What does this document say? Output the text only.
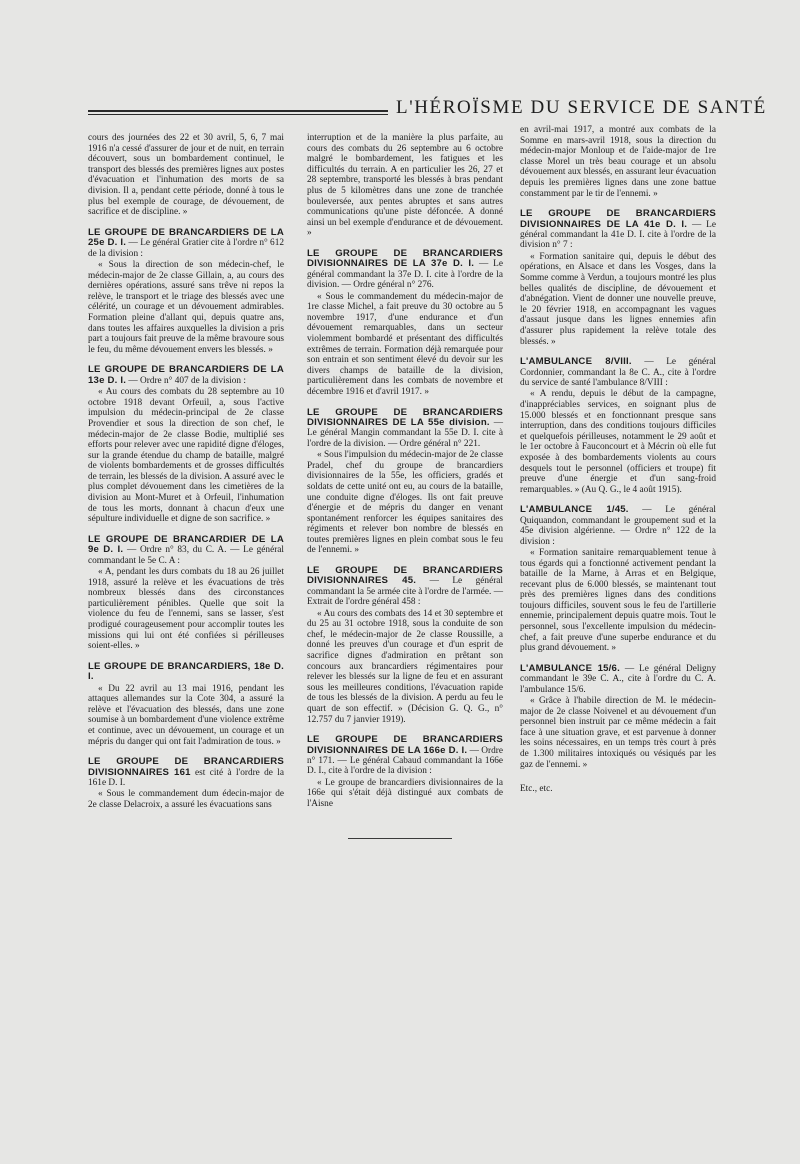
L'HÉROÏSME DU SERVICE DE SANTÉ

cours des journées des 22 et 30 avril, 5, 6, 7 mai 1916 n'a cessé d'assurer de jour et de nuit, en terrain découvert, sous un bombardement continuel, le transport des blessés des premières lignes aux postes d'évacuation et l'inhumation des morts de sa division. Il a, pendant cette période, donné à tous le plus bel exemple de courage, de dévouement, de sacrifice et de discipline. »

LE GROUPE DE BRANCARDIERS DE LA 25e D. I. — Le général Gratier cite à l'ordre n° 612 de la division :

« Sous la direction de son médecin-chef, le médecin-major de 2e classe Gillain, a, au cours des dernières opérations, assuré sans trêve ni repos la relève, le transport et le triage des blessés avec une célérité, un courage et un dévouement admirables. Formation pleine d'allant qui, depuis quatre ans, dans toutes les affaires auxquelles la division a pris part a toujours fait preuve de la même bravoure sous le feu, du même dévouement envers les blessés. »

LE GROUPE DE BRANCARDIERS DE LA 13e D. I. — Ordre n° 407 de la division :

« Au cours des combats du 28 septembre au 10 octobre 1918 devant Orfeuil, a, sous l'active impulsion du médecin-principal de 2e classe Provendier et sous la direction de son chef, le médecin-major de 2e classe Bodie, multiplié ses efforts pour relever avec une rapidité digne d'éloges, sur la grande étendue du champ de bataille, malgré de violents bombardements et de grosses difficultés de terrain, les blessés de la division. A assuré avec le plus complet dévouement dans les cimetières de la division au Mont-Muret et à Orfeuil, l'inhumation de tous les morts, donnant à chacun d'eux une sépulture individuelle et digne de son sacrifice. »

LE GROUPE DE BRANCARDIER DE LA 9e D. I. — Ordre n° 83, du C. A. — Le général commandant le 5e C. A :

« A, pendant les durs combats du 18 au 26 juillet 1918, assuré la relève et les évacuations de très nombreux blessés dans des circonstances particulièrement pénibles. Quelle que soit la violence du feu de l'ennemi, sans se lasser, s'est prodigué courageusement pour accomplir toutes les missions qui lui ont été confiées si périlleuses soient-elles. »

LE GROUPE DE BRANCARDIERS, 18e D. I.

« Du 22 avril au 13 mai 1916, pendant les attaques allemandes sur la Cote 304, a assuré la relève et l'évacuation des blessés, dans une zone soumise à un bombardement d'une violence extrême et continue, avec un dévouement, un courage et un mépris du danger qui ont fait l'admiration de tous. »

LE GROUPE DE BRANCARDIERS DIVISIONNAIRES 161 est cité à l'ordre de la 161e D. I.

« Sous le commandement dum édecin-major de 2e classe Delacroix, a assuré les évacuations sans

interruption et de la manière la plus parfaite, au cours des combats du 26 septembre au 6 octobre malgré le bombardement, les fatigues et les difficultés du terrain. A en particulier les 26, 27 et 28 septembre, transporté les blessés à bras pendant plus de 5 kilomètres dans une zone de tranchée bouleversée, aux pentes abruptes et sans autres communications qu'une piste défoncée. A donné ainsi un bel exemple d'endurance et de dévouement. »

LE GROUPE DE BRANCARDIERS DIVISIONNAIRES DE LA 37e D. I. — Le général commandant la 37e D. I. cite à l'ordre de la division. — Ordre général n° 276.

« Sous le commandement du médecin-major de 1re classe Michel, a fait preuve du 30 octobre au 5 novembre 1917, d'une endurance et d'un dévouement remarquables, dans un secteur violemment bombardé et présentant des difficultés extrêmes de terrain. Formation déjà remarquée pour son entrain et son sentiment élevé du devoir sur les divers champs de bataille de la division, particulièrement dans les combats de novembre et décembre 1916 et d'avril 1917. »

LE GROUPE DE BRANCARDIERS DIVISIONNAIRES DE LA 55e division. — Le général Mangin commandant la 55e D. I. cite à l'ordre de la division. — Ordre général n° 221.

« Sous l'impulsion du médecin-major de 2e classe Pradel, chef du groupe de brancardiers divisionnaires de la 55e, les officiers, gradés et soldats de cette unité ont eu, au cours de la bataille, une conduite digne d'éloges. Ils ont fait preuve d'énergie et de mépris du danger en venant spontanément renforcer les équipes sanitaires des régiments et relever bon nombre de blessés en toutes premières lignes en plein combat sous le feu de l'ennemi. »

LE GROUPE DE BRANCARDIERS DIVISIONNAIRES 45. — Le général commandant la 5e armée cite à l'ordre de l'armée. — Extrait de l'ordre général 458 :

« Au cours des combats des 14 et 30 septembre et du 25 au 31 octobre 1918, sous la conduite de son chef, le médecin-major de 2e classe Roussille, a donné les preuves d'un courage et d'un esprit de sacrifice dignes d'admiration en prêtant son concours aux brancardiers régimentaires pour relever les blessés sur la ligne de feu et en assurant sous les meilleures conditions, l'évacuation rapide de tous les blessés de la division. A perdu au feu le quart de son effectif. » (Décision G. Q. G., n° 12.757 du 7 janvier 1919).

LE GROUPE DE BRANCARDIERS DIVISIONNAIRES DE LA 166e D. I. — Ordre n° 171. — Le général Cabaud commandant la 166e D. I., cite à l'ordre de la division :

« Le groupe de brancardiers divisionnaires de la 166e qui s'était déjà distingué aux combats de l'Aisne

en avril-mai 1917, a montré aux combats de la Somme en mars-avril 1918, sous la direction du médecin-major Monloup et de l'aide-major de 1re classe Morel un très beau courage et un absolu dévouement aux blessés, en assurant leur évacuation depuis les premières lignes dans une zone battue constamment par le tir de l'ennemi. »

LE GROUPE DE BRANCARDIERS DIVISIONNAIRES DE LA 41e D. I. — Le général commandant la 41e D. I. cite à l'ordre de la division n° 7 :

« Formation sanitaire qui, depuis le début des opérations, en Alsace et dans les Vosges, dans la Somme comme à Verdun, a toujours montré les plus belles qualités de discipline, de dévouement et d'abnégation. Vient de donner une nouvelle preuve, le 20 février 1918, en accompagnant les vagues d'assaut jusque dans les lignes ennemies afin d'assurer plus rapidement la relève totale des blessés. »

L'AMBULANCE 8/VIII. — Le général Cordonnier, commandant la 8e C. A., cite à l'ordre du service de santé l'ambulance 8/VIII :

« A rendu, depuis le début de la campagne, d'inappréciables services, en soignant plus de 15.000 blessés et en fonctionnant presque sans interruption, dans des conditions toujours difficiles et quelquefois périlleuses, notamment le 29 août et le 1er octobre à Fauconcourt et à Mécrin où elle fut exposée à des bombardements violents au cours desquels tout le personnel (officiers et troupe) fit preuve d'une énergie et d'un sang-froid remarquables. » (Au Q. G., le 4 août 1915).

L'AMBULANCE 1/45. — Le général Quiquandon, commandant le groupement sud et la 45e division algérienne. — Ordre n° 122 de la division :

« Formation sanitaire remarquablement tenue à tous égards qui a fonctionné activement pendant la bataille de la Marne, à Arras et en Belgique, recevant plus de 6.000 blessés, se maintenant tout près des premières lignes dans des conditions toujours difficiles, souvent sous le feu de l'artillerie ennemie, principalement depuis quatre mois. Tout le personnel, sous l'excellente impulsion du médecin-chef, a fait preuve d'une superbe endurance et du plus grand dévouement. »

L'AMBULANCE 15/6. — Le général Deligny commandant le 39e C. A., cite à l'ordre du C. A. l'ambulance 15/6.

« Grâce à l'habile direction de M. le médecin-major de 2e classe Noivenel et au dévouement d'un personnel bien instruit par ce même médecin a fait face à une situation grave, et est parvenue à donner les soins nécessaires, en un temps très court à près de 1.300 militaires intoxiqués ou vésiqués par les gaz de l'ennemi. »

Etc., etc.
